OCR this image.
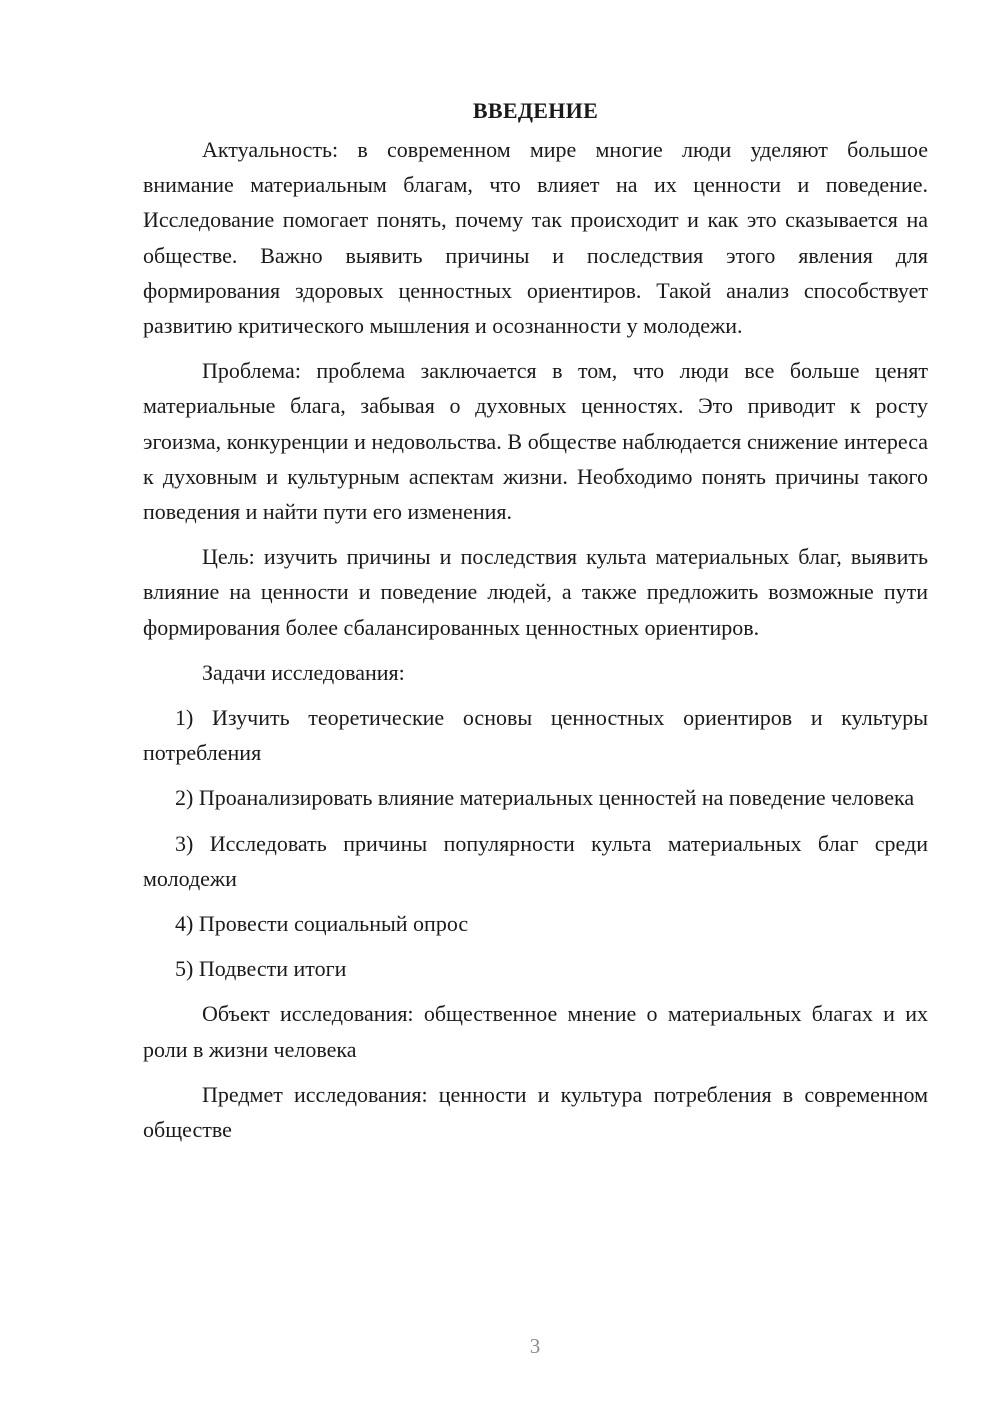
ВВЕДЕНИЕ

Актуальность: в современном мире многие люди уделяют большое внимание материальным благам, что влияет на их ценности и поведение. Исследование помогает понять, почему так происходит и как это сказывается на обществе. Важно выявить причины и последствия этого явления для формирования здоровых ценностных ориентиров. Такой анализ способствует развитию критического мышления и осознанности у молодежи.

Проблема: проблема заключается в том, что люди все больше ценят материальные блага, забывая о духовных ценностях. Это приводит к росту эгоизма, конкуренции и недовольства. В обществе наблюдается снижение интереса к духовным и культурным аспектам жизни. Необходимо понять причины такого поведения и найти пути его изменения.

Цель: изучить причины и последствия культа материальных благ, выявить влияние на ценности и поведение людей, а также предложить возможные пути формирования более сбалансированных ценностных ориентиров.

Задачи исследования:

1) Изучить теоретические основы ценностных ориентиров и культуры потребления

2) Проанализировать влияние материальных ценностей на поведение человека

3) Исследовать причины популярности культа материальных благ среди молодежи

4) Провести социальный опрос

5) Подвести итоги

Объект исследования: общественное мнение о материальных благах и их роли в жизни человека

Предмет исследования: ценности и культура потребления в современном обществе

3
